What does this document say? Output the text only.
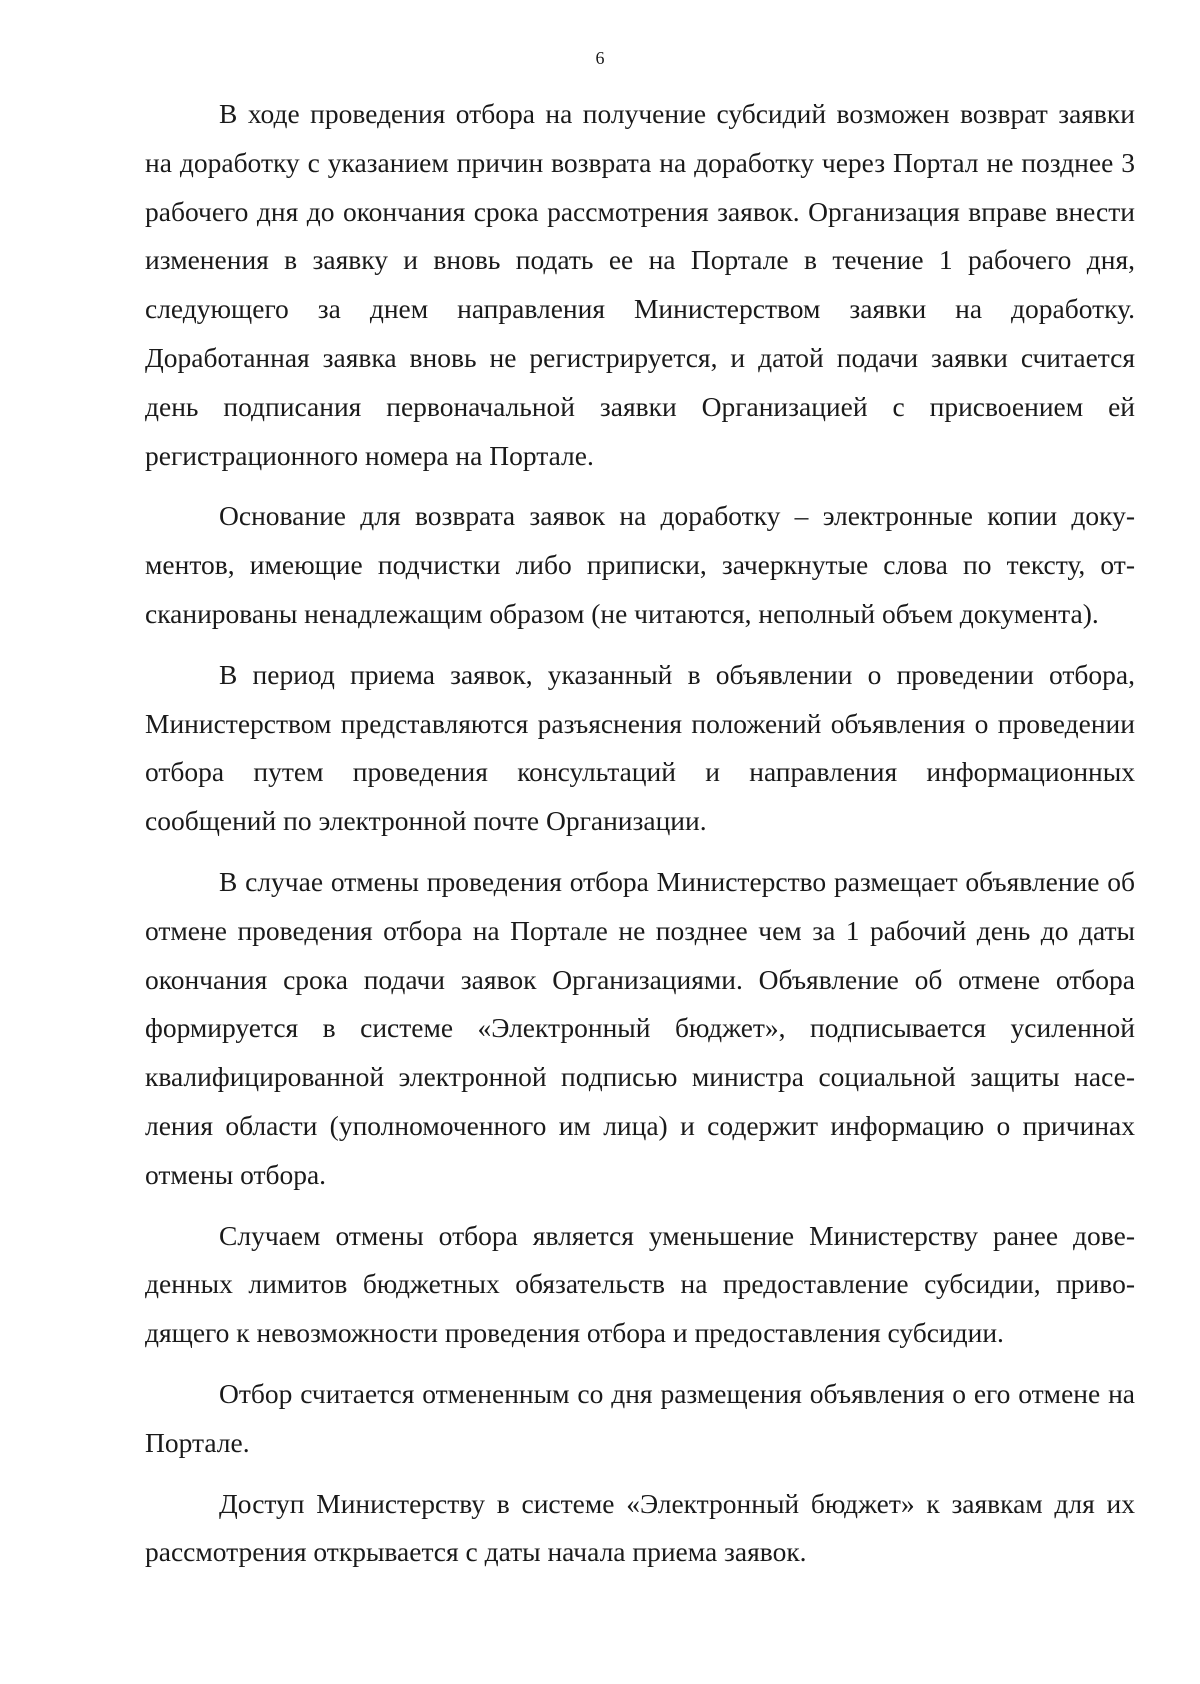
6

В ходе проведения отбора на получение субсидий возможен возврат заявки на доработку с указанием причин возврата на доработку через Портал не позднее 3 рабочего дня до окончания срока рассмотрения заявок. Организация вправе внести изменения в заявку и вновь подать ее на Портале в течение 1 рабочего дня, следующего за днем направления Министерством заявки на доработку. Доработанная заявка вновь не регистрируется, и датой подачи заявки считается день подписания первоначальной заявки Организацией с присвоением ей регистрационного номера на Портале.

Основание для возврата заявок на доработку – электронные копии документов, имеющие подчистки либо приписки, зачеркнутые слова по тексту, отсканированы ненадлежащим образом (не читаются, неполный объем документа).

В период приема заявок, указанный в объявлении о проведении отбора, Министерством представляются разъяснения положений объявления о проведении отбора путем проведения консультаций и направления информационных сообщений по электронной почте Организации.

В случае отмены проведения отбора Министерство размещает объявление об отмене проведения отбора на Портале не позднее чем за 1 рабочий день до даты окончания срока подачи заявок Организациями. Объявление об отмене отбора формируется в системе «Электронный бюджет», подписывается усиленной квалифицированной электронной подписью министра социальной защиты населения области (уполномоченного им лица) и содержит информацию о причинах отмены отбора.

Случаем отмены отбора является уменьшение Министерству ранее доведенных лимитов бюджетных обязательств на предоставление субсидии, приводящего к невозможности проведения отбора и предоставления субсидии.

Отбор считается отмененным со дня размещения объявления о его отмене на Портале.

Доступ Министерству в системе «Электронный бюджет» к заявкам для их рассмотрения открывается с даты начала приема заявок.
